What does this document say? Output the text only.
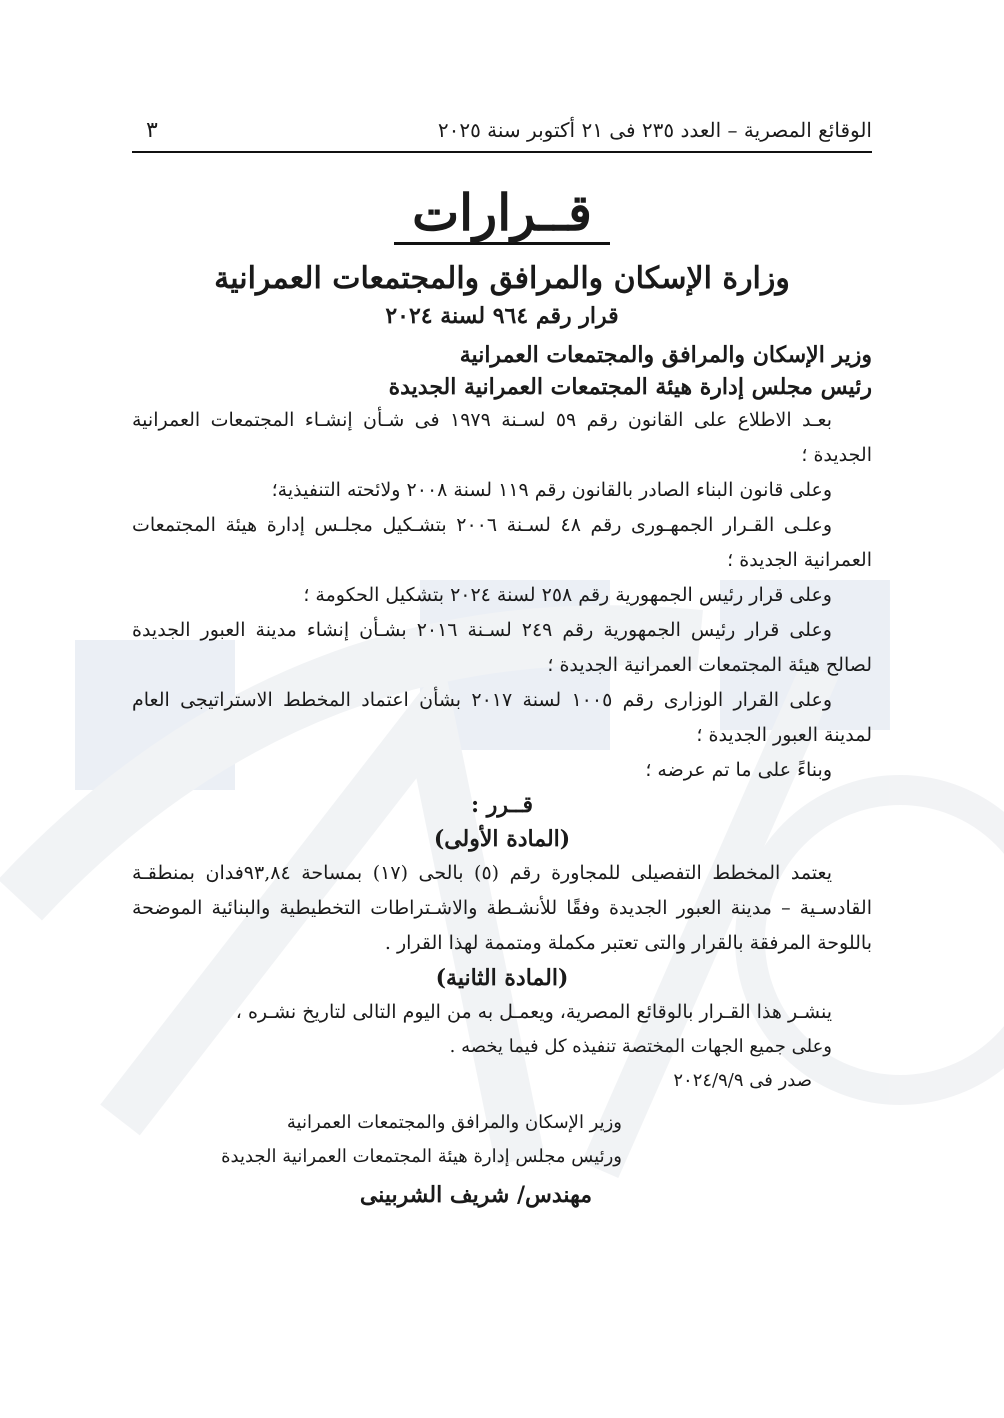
الوقائع المصرية – العدد ٢٣٥ فى ٢١ أكتوبر سنة ٢٠٢٥
٣
قــرارات
وزارة الإسكان والمرافق والمجتمعات العمرانية
قرار رقم ٩٦٤ لسنة ٢٠٢٤
وزير الإسكان والمرافق والمجتمعات العمرانية
رئيس مجلس إدارة هيئة المجتمعات العمرانية الجديدة
بعـد الاطلاع على القانون رقم ٥٩ لسـنة ١٩٧٩ فى شـأن إنشـاء المجتمعات العمرانية الجديدة ؛
وعلى قانون البناء الصادر بالقانون رقم ١١٩ لسنة ٢٠٠٨ ولائحته التنفيذية؛
وعلـى القـرار الجمهـورى رقم ٤٨ لسـنة ٢٠٠٦ بتشـكيل مجلـس إدارة هيئة المجتمعات العمرانية الجديدة ؛
وعلى قرار رئيس الجمهورية رقم ٢٥٨ لسنة ٢٠٢٤ بتشكيل الحكومة ؛
وعلى قرار رئيس الجمهورية رقم ٢٤٩ لسـنة ٢٠١٦ بشـأن إنشاء مدينة العبور الجديدة لصالح هيئة المجتمعات العمرانية الجديدة ؛
وعلى القرار الوزارى رقم ١٠٠٥ لسنة ٢٠١٧ بشأن اعتماد المخطط الاستراتيجى العام لمدينة العبور الجديدة ؛
وبناءً على ما تم عرضه ؛
قــرر :
(المادة الأولى)
يعتمد المخطط التفصيلى للمجاورة رقم (٥) بالحى (١٧) بمساحة ٩٣,٨٤فدان بمنطقـة القادسـية – مدينة العبور الجديدة وفقًا للأنشـطة والاشـتراطات التخطيطية والبنائية الموضحة باللوحة المرفقة بالقرار والتى تعتبر مكملة ومتممة لهذا القرار .
(المادة الثانية)
ينشـر هذا القـرار بالوقائع المصرية، ويعمـل به من اليوم التالى لتاريخ نشـره ،
وعلى جميع الجهات المختصة تنفيذه كل فيما يخصه .
صدر فى ٢٠٢٤/٩/٩
وزير الإسكان والمرافق والمجتمعات العمرانية
ورئيس مجلس إدارة هيئة المجتمعات العمرانية الجديدة
مهندس/ شريف الشربينى
